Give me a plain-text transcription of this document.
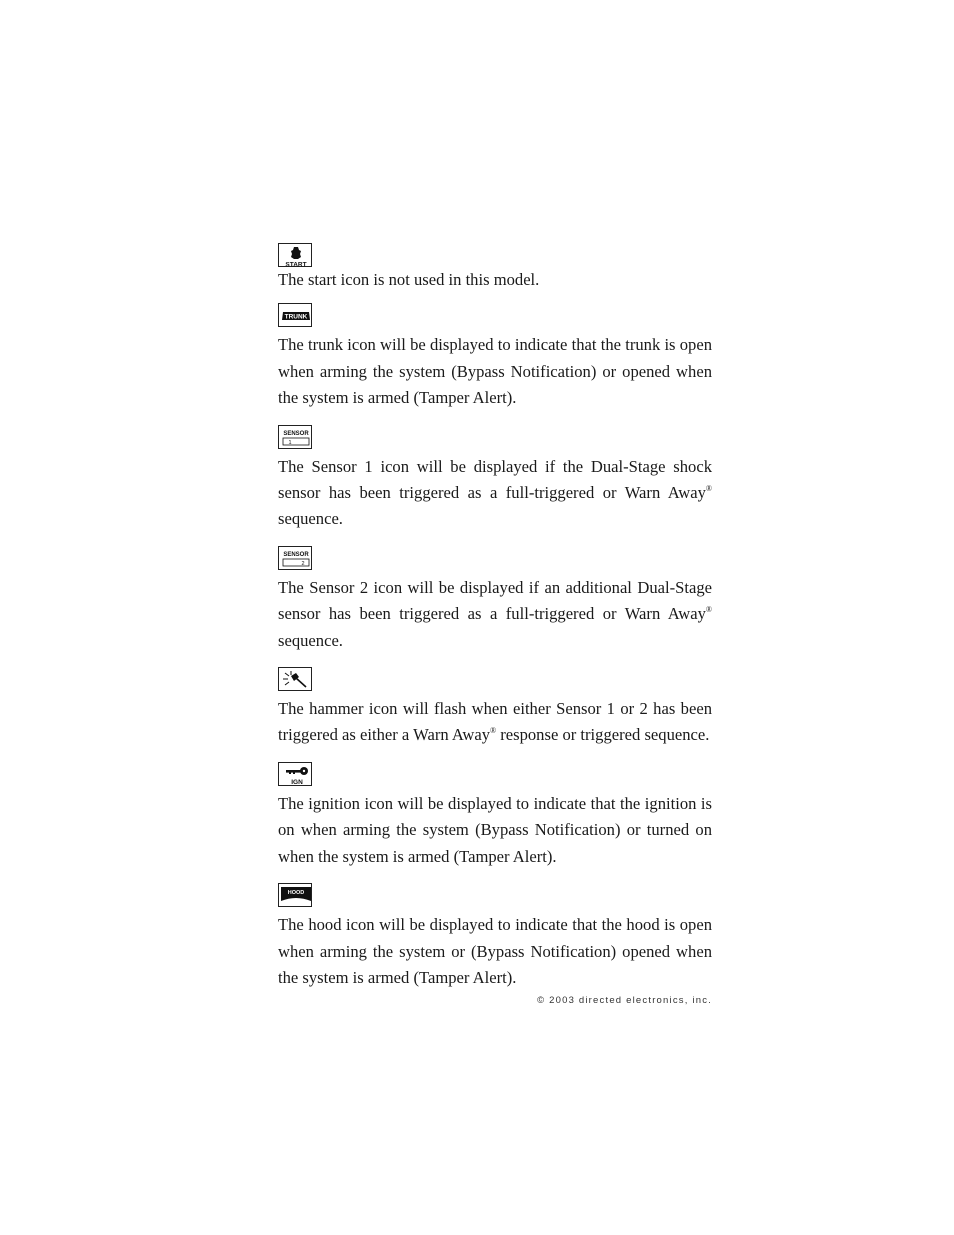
START

The start icon is not used in this model.

TRUNK

The trunk icon will be displayed to indicate that the trunk is open when arming the system (Bypass Notification) or opened when the system is armed (Tamper Alert).

SENSOR
1

The Sensor 1 icon will be displayed if the Dual-Stage shock sensor has been triggered as a full-triggered or Warn Away® sequence.

SENSOR
2

The Sensor 2 icon will be displayed if an additional Dual-Stage sensor has been triggered as a full-triggered or Warn Away® sequence.

The hammer icon will flash when either Sensor 1 or 2 has been triggered as either a Warn Away® response or triggered sequence.

IGN

The ignition icon will be displayed to indicate that the ignition is on when arming the system (Bypass Notification) or turned on when the system is armed (Tamper Alert).

HOOD

The hood icon will be displayed to indicate that the hood is open when arming the system or (Bypass Notification) opened when the system is armed (Tamper Alert).

© 2003 directed electronics, inc.
